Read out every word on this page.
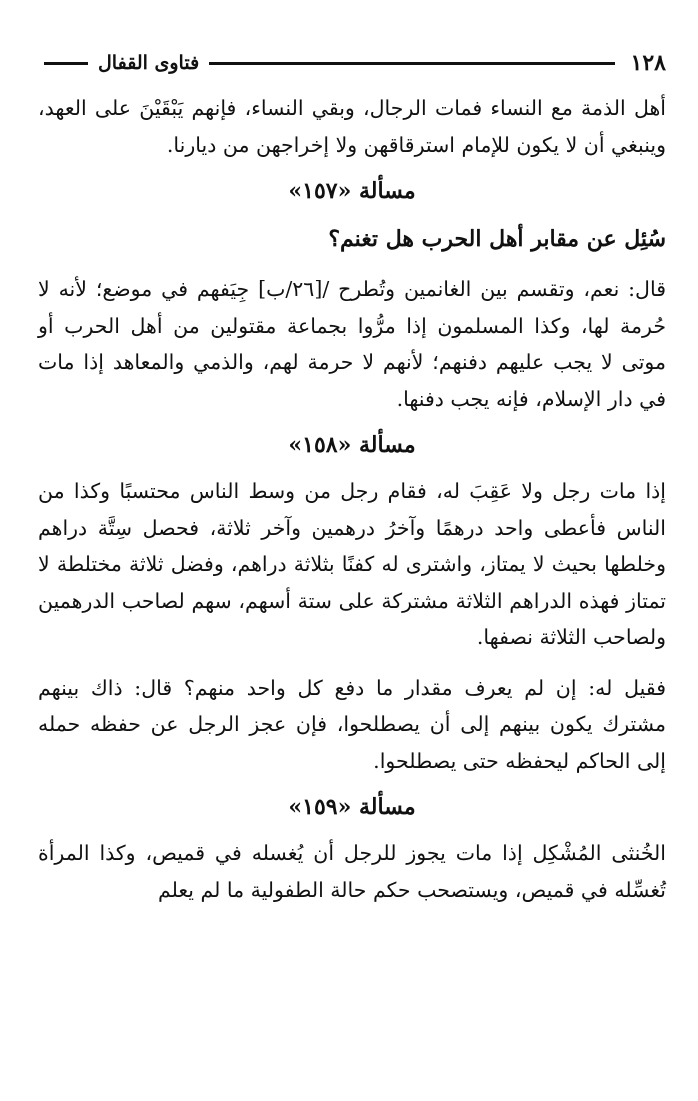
١٢٨
فتاوى القفال

أهل الذمة مع النساء فمات الرجال، وبقي النساء، فإنهم يَبْقَيْنَ على العهد، وينبغي أن لا يكون للإمام استرقاقهن ولا إخراجهن من ديارنا.

مسألة «١٥٧»
سُئِل عن مقابر أهل الحرب هل تغنم؟

قال: نعم، وتقسم بين الغانمين وتُطرح /[٢٦/ب] جِيَفهم في موضع؛ لأنه لا حُرمة لها، وكذا المسلمون إذا مرُّوا بجماعة مقتولين من أهل الحرب أو موتى لا يجب عليهم دفنهم؛ لأنهم لا حرمة لهم، والذمي والمعاهد إذا مات في دار الإسلام، فإنه يجب دفنها.

مسألة «١٥٨»

إذا مات رجل ولا عَقِبَ له، فقام رجل من وسط الناس محتسبًا وكذا من الناس فأعطى واحد درهمًا وآخرُ درهمين وآخر ثلاثة، فحصل سِتَّة دراهم وخلطها بحيث لا يمتاز، واشترى له كفنًا بثلاثة دراهم، وفضل ثلاثة مختلطة لا تمتاز فهذه الدراهم الثلاثة مشتركة على ستة أسهم، سهم لصاحب الدرهمين ولصاحب الثلاثة نصفها.

فقيل له: إن لم يعرف مقدار ما دفع كل واحد منهم؟ قال: ذاك بينهم مشترك يكون بينهم إلى أن يصطلحوا، فإن عجز الرجل عن حفظه حمله إلى الحاكم ليحفظه حتى يصطلحوا.

مسألة «١٥٩»

الخُنثى المُشْكِل إذا مات يجوز للرجل أن يُغسله في قميص، وكذا المرأة تُغسِّله في قميص، ويستصحب حكم حالة الطفولية ما لم يعلم
